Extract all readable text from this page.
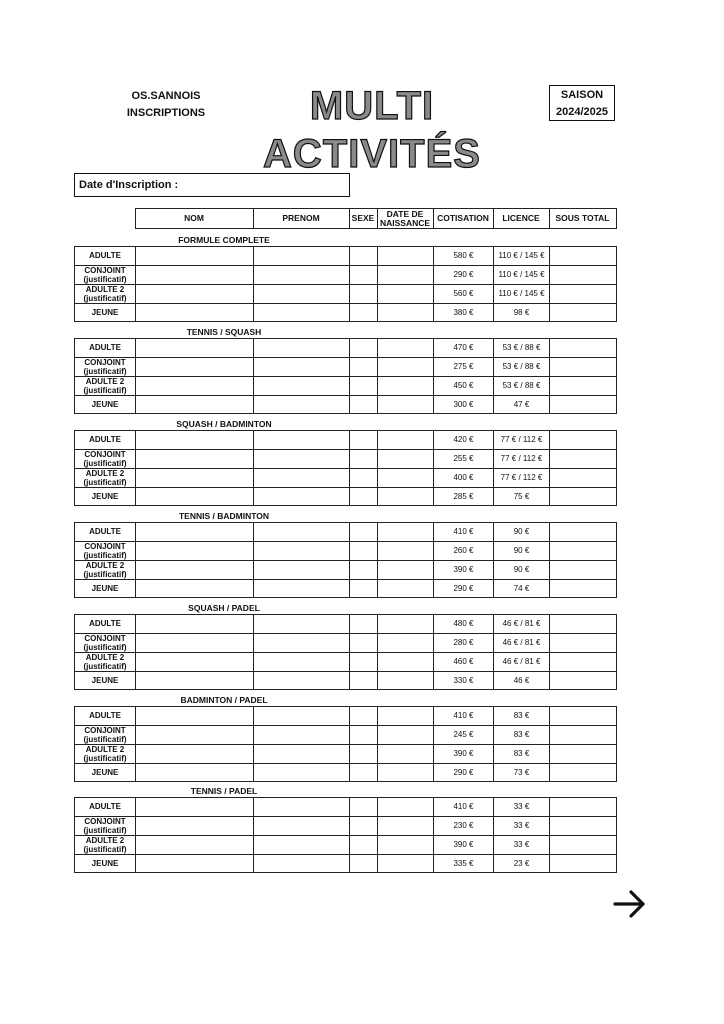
OS.SANNOIS
INSCRIPTIONS	MULTI
ACTIVITÉS
SAISON
2024/2025
Date d'Inscription :
	NOM	PRENOM	SEXE	DATE DE NAISSANCE	COTISATION	LICENCE	SOUS TOTAL
FORMULE COMPLETE
ADULTE					580 €	110 € / 145 €	
CONJOINT (justificatif)					290 €	110 € / 145 €	
ADULTE 2 (justificatif)					560 €	110 € / 145 €	
JEUNE					380 €	98 €	
TENNIS / SQUASH
ADULTE					470 €	53 € / 88 €	
CONJOINT (justificatif)					275 €	53 € / 88 €	
ADULTE 2 (justificatif)					450 €	53 € / 88 €	
JEUNE					300 €	47 €	
SQUASH / BADMINTON
ADULTE					420 €	77 € / 112 €	
CONJOINT (justificatif)					255 €	77 € / 112 €	
ADULTE 2 (justificatif)					400 €	77 € / 112 €	
JEUNE					285 €	75 €	
TENNIS / BADMINTON
ADULTE					410 €	90 €	
CONJOINT (justificatif)					260 €	90 €	
ADULTE 2 (justificatif)					390 €	90 €	
JEUNE					290 €	74 €	
SQUASH / PADEL
ADULTE					480 €	46 € / 81 €	
CONJOINT (justificatif)					280 €	46 € / 81 €	
ADULTE 2 (justificatif)					460 €	46 € / 81 €	
JEUNE					330 €	46 €	
BADMINTON / PADEL
ADULTE					410 €	83 €	
CONJOINT (justificatif)					245 €	83 €	
ADULTE 2 (justificatif)					390 €	83 €	
JEUNE					290 €	73 €	
TENNIS / PADEL
ADULTE					410 €	33 €	
CONJOINT (justificatif)					230 €	33 €	
ADULTE 2 (justificatif)					390 €	33 €	
JEUNE					335 €	23 €	
